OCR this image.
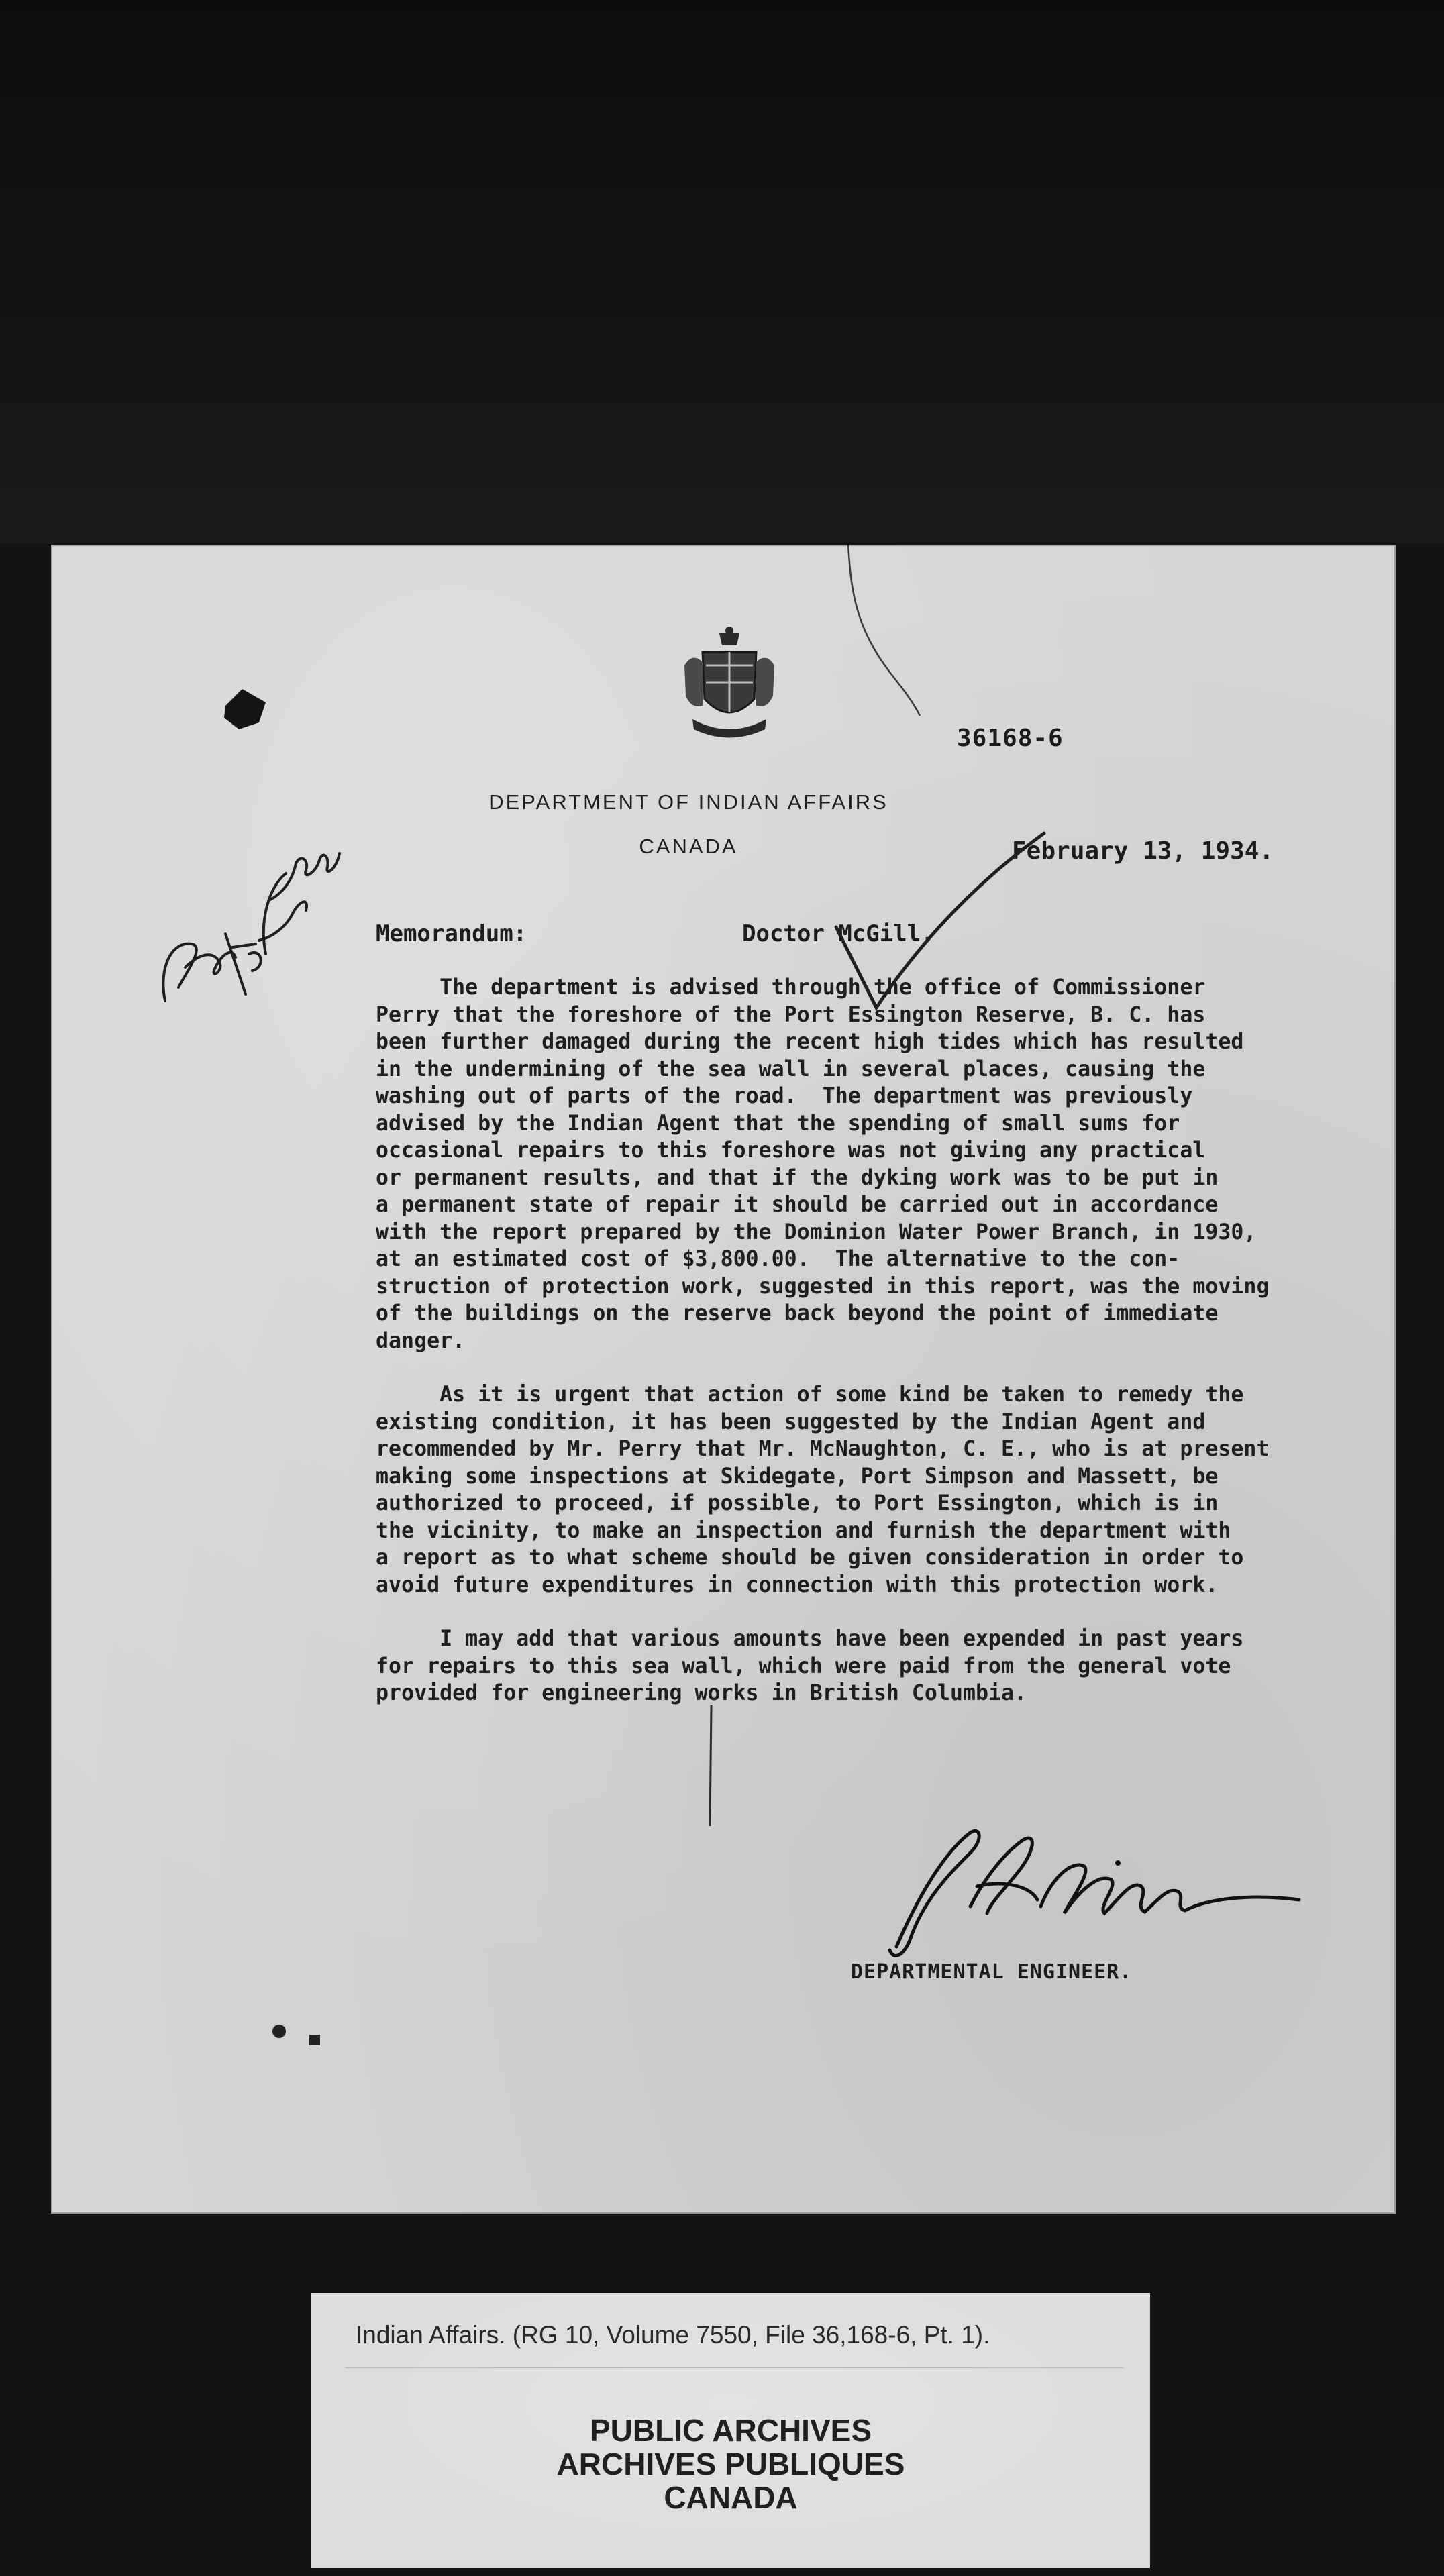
36168-6
DEPARTMENT OF INDIAN AFFAIRS
CANADA	February 13, 1934.
Memorandum:	Doctor McGill.
The department is advised through the office of Commissioner
Perry that the foreshore of the Port Essington Reserve, B. C. has
been further damaged during the recent high tides which has resulted
in the undermining of the sea wall in several places, causing the
washing out of parts of the road.  The department was previously
advised by the Indian Agent that the spending of small sums for
occasional repairs to this foreshore was not giving any practical
or permanent results, and that if the dyking work was to be put in
a permanent state of repair it should be carried out in accordance
with the report prepared by the Dominion Water Power Branch, in 1930,
at an estimated cost of $3,800.00.  The alternative to the con-
struction of protection work, suggested in this report, was the moving
of the buildings on the reserve back beyond the point of immediate
danger.
As it is urgent that action of some kind be taken to remedy the
existing condition, it has been suggested by the Indian Agent and
recommended by Mr. Perry that Mr. McNaughton, C. E., who is at present
making some inspections at Skidegate, Port Simpson and Massett, be
authorized to proceed, if possible, to Port Essington, which is in
the vicinity, to make an inspection and furnish the department with
a report as to what scheme should be given consideration in order to
avoid future expenditures in connection with this protection work.
I may add that various amounts have been expended in past years
for repairs to this sea wall, which were paid from the general vote
provided for engineering works in British Columbia.
DEPARTMENTAL ENGINEER.
Indian Affairs. (RG 10, Volume 7550, File 36,168-6, Pt. 1).
PUBLIC ARCHIVES
ARCHIVES PUBLIQUES
CANADA
